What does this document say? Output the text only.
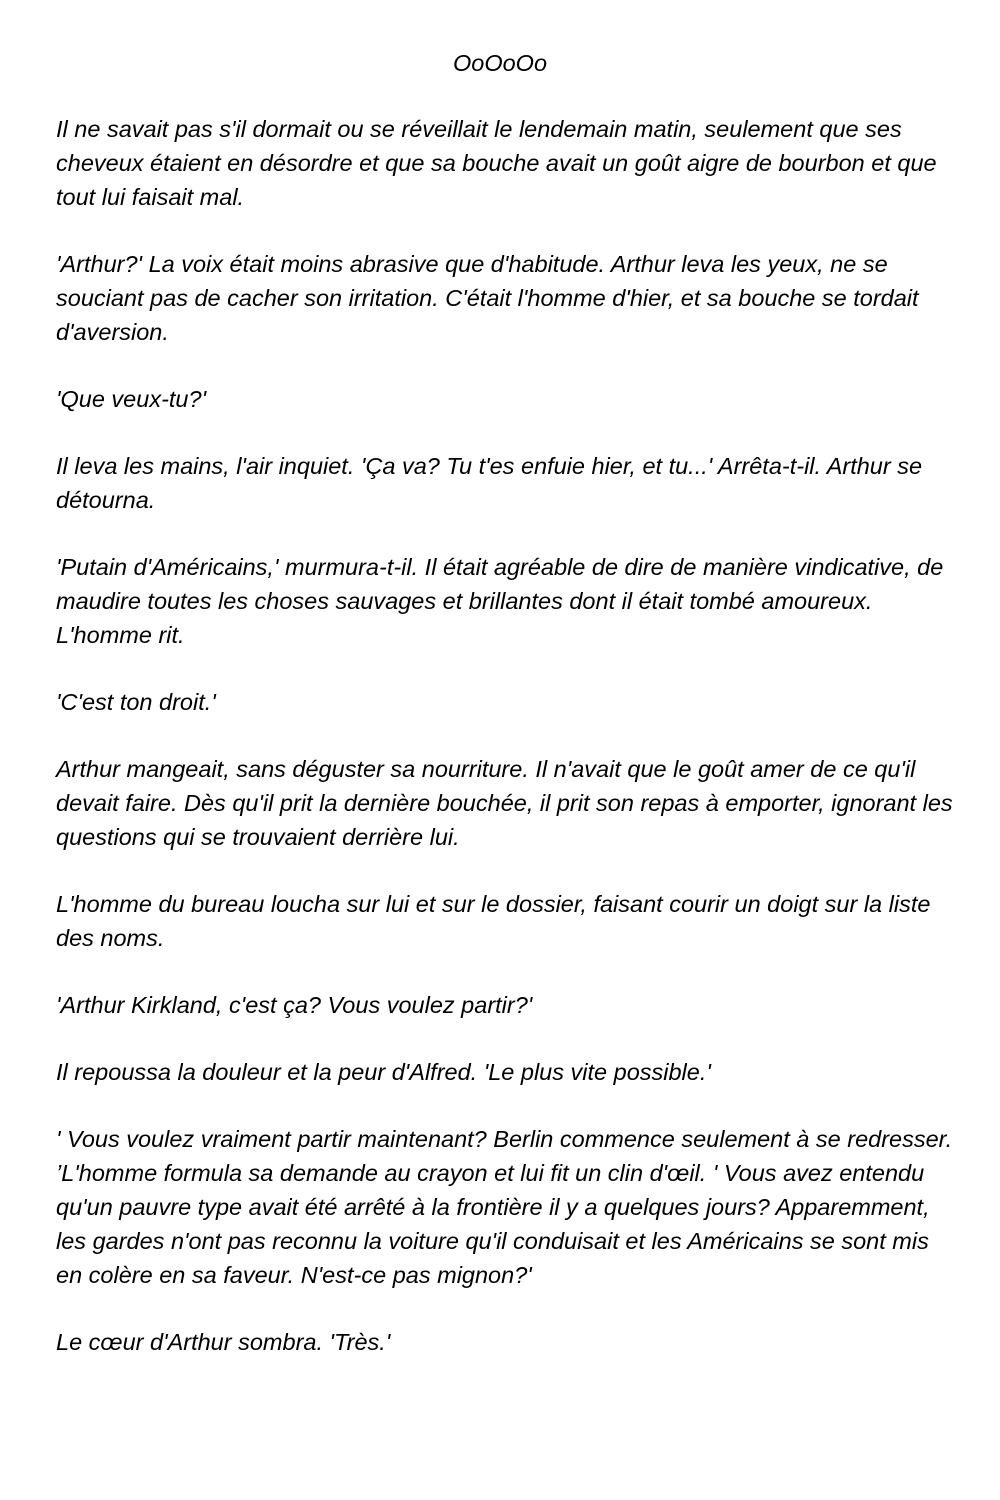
OoOoOo

Il ne savait pas s'il dormait ou se réveillait le lendemain matin, seulement que ses cheveux étaient en désordre et que sa bouche avait un goût aigre de bourbon et que tout lui faisait mal.

'Arthur?' La voix était moins abrasive que d'habitude. Arthur leva les yeux, ne se souciant pas de cacher son irritation. C'était l'homme d'hier, et sa bouche se tordait d'aversion.

'Que veux-tu?'

Il leva les mains, l'air inquiet. 'Ça va? Tu t'es enfuie hier, et tu...' Arrêta-t-il. Arthur se détourna.

'Putain d'Américains,' murmura-t-il. Il était agréable de dire de manière vindicative, de maudire toutes les choses sauvages et brillantes dont il était tombé amoureux. L'homme rit.

'C'est ton droit.'

Arthur mangeait, sans déguster sa nourriture. Il n'avait que le goût amer de ce qu'il devait faire. Dès qu'il prit la dernière bouchée, il prit son repas à emporter, ignorant les questions qui se trouvaient derrière lui.

L'homme du bureau loucha sur lui et sur le dossier, faisant courir un doigt sur la liste des noms.

'Arthur Kirkland, c'est ça? Vous voulez partir?'

Il repoussa la douleur et la peur d'Alfred. 'Le plus vite possible.'

' Vous voulez vraiment partir maintenant? Berlin commence seulement à se redresser. ’L'homme formula sa demande au crayon et lui fit un clin d'œil. ' Vous avez entendu qu'un pauvre type avait été arrêté à la frontière il y a quelques jours? Apparemment, les gardes n'ont pas reconnu la voiture qu'il conduisait et les Américains se sont mis en colère en sa faveur. N'est-ce pas mignon?'

Le cœur d'Arthur sombra. 'Très.'
